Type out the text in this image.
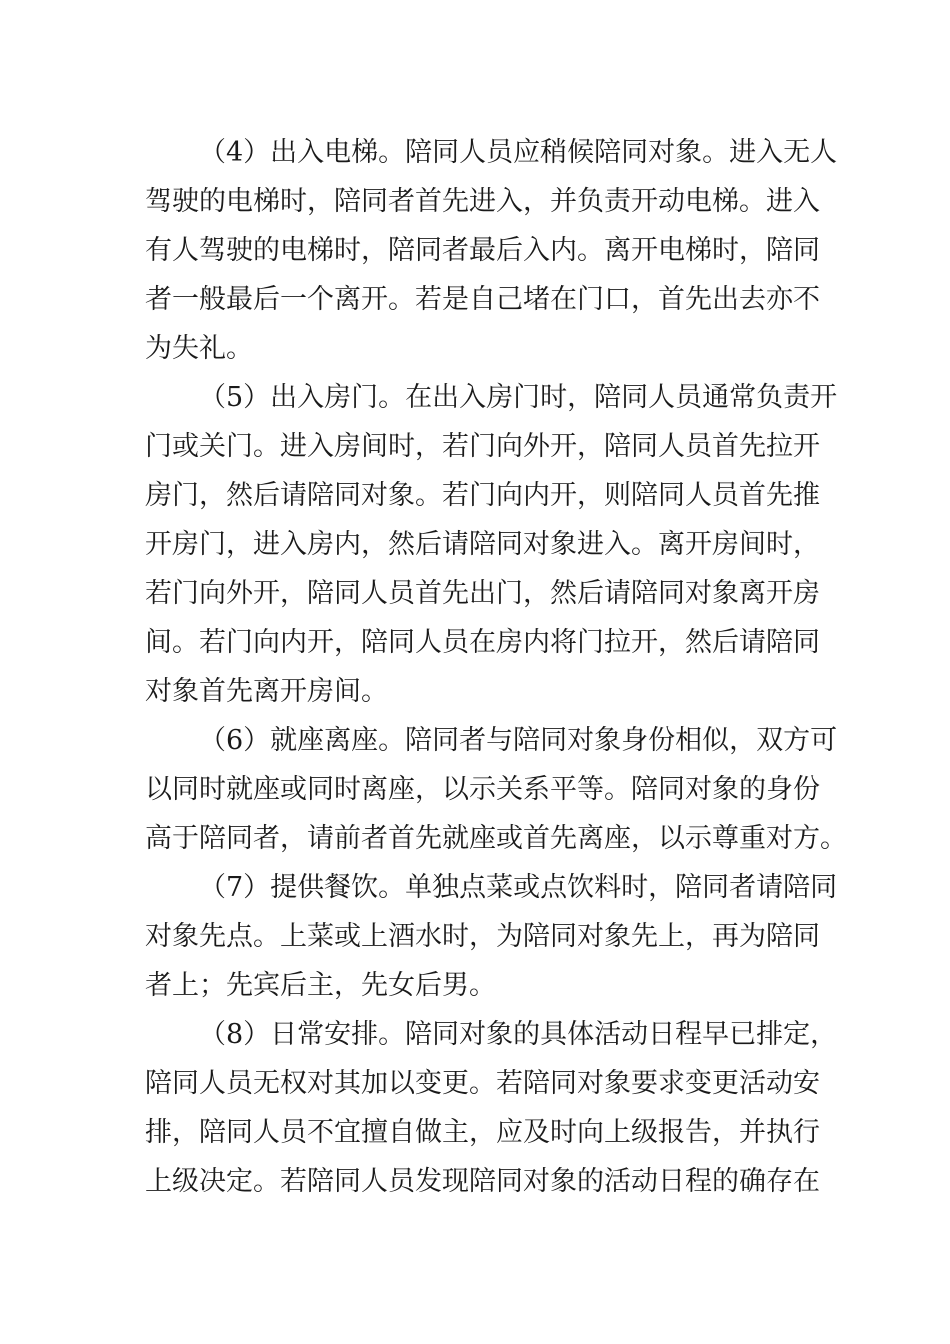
（4）出入电梯。陪同人员应稍候陪同对象。进入无人
驾驶的电梯时，陪同者首先进入，并负责开动电梯。进入
有人驾驶的电梯时，陪同者最后入内。离开电梯时，陪同
者一般最后一个离开。若是自己堵在门口，首先出去亦不
为失礼。
（5）出入房门。在出入房门时，陪同人员通常负责开
门或关门。进入房间时，若门向外开，陪同人员首先拉开
房门，然后请陪同对象。若门向内开，则陪同人员首先推
开房门，进入房内，然后请陪同对象进入。离开房间时，
若门向外开，陪同人员首先出门，然后请陪同对象离开房
间。若门向内开，陪同人员在房内将门拉开，然后请陪同
对象首先离开房间。
（6）就座离座。陪同者与陪同对象身份相似，双方可
以同时就座或同时离座，以示关系平等。陪同对象的身份
高于陪同者，请前者首先就座或首先离座，以示尊重对方。
（7）提供餐饮。单独点菜或点饮料时，陪同者请陪同
对象先点。上菜或上酒水时，为陪同对象先上，再为陪同
者上；先宾后主，先女后男。
（8）日常安排。陪同对象的具体活动日程早已排定，
陪同人员无权对其加以变更。若陪同对象要求变更活动安
排，陪同人员不宜擅自做主，应及时向上级报告，并执行
上级决定。若陪同人员发现陪同对象的活动日程的确存在
